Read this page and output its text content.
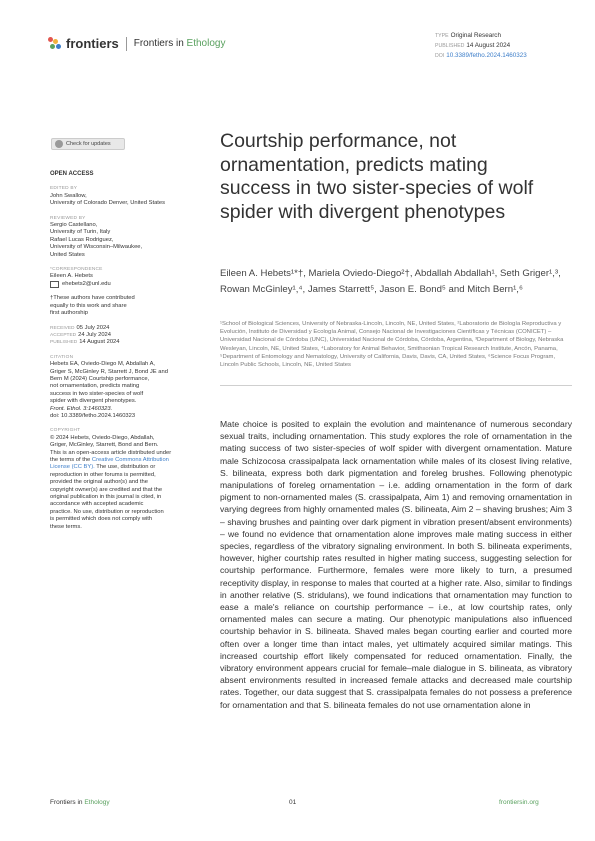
frontiers Frontiers in Ethology
TYPE Original Research
PUBLISHED 14 August 2024
DOI 10.3389/fetho.2024.1460323
Check for updates
OPEN ACCESS
EDITED BY
John Swallow,
University of Colorado Denver, United States
REVIEWED BY
Sergio Castellano,
University of Turin, Italy
Rafael Lucas Rodriguez,
University of Wisconsin–Milwaukee,
United States
*CORRESPONDENCE
Eileen A. Hebets
ehebets2@unl.edu
†These authors have contributed
equally to this work and share
first authorship
RECEIVED 05 July 2024
ACCEPTED 24 July 2024
PUBLISHED 14 August 2024
CITATION
Hebets EA, Oviedo-Diego M, Abdallah A,
Griger S, McGinley R, Starrett J, Bond JE and
Bern M (2024) Courtship performance,
not ornamentation, predicts mating
success in two sister-species of wolf
spider with divergent phenotypes.
Front. Ethol. 3:1460323.
doi: 10.3389/fetho.2024.1460323
COPYRIGHT
© 2024 Hebets, Oviedo-Diego, Abdallah,
Griger, McGinley, Starrett, Bond and Bern.
This is an open-access article distributed under
the terms of the Creative Commons Attribution
License (CC BY). The use, distribution or
reproduction in other forums is permitted,
provided the original author(s) and the
copyright owner(s) are credited and that the
original publication in this journal is cited, in
accordance with accepted academic
practice. No use, distribution or reproduction
is permitted which does not comply with
these terms.
Courtship performance, not ornamentation, predicts mating success in two sister-species of wolf spider with divergent phenotypes
Eileen A. Hebets¹*†, Mariela Oviedo-Diego²†, Abdallah Abdallah¹, Seth Griger¹,³, Rowan McGinley¹,⁴, James Starrett⁵, Jason E. Bond⁵ and Mitch Bern¹,⁶
¹School of Biological Sciences, University of Nebraska-Lincoln, Lincoln, NE, United States, ²Laboratorio de Biología Reproductiva y Evolución, Instituto de Diversidad y Ecología Animal, Consejo Nacional de Investigaciones Científicas y Técnicas (CONICET) – Universidad Nacional de Córdoba (UNC), Universidad Nacional de Córdoba, Córdoba, Argentina, ³Department of Biology, Nebraska Wesleyan, Lincoln, NE, United States, ⁴Laboratory for Animal Behavior, Smithsonian Tropical Research Institute, Ancón, Panama, ⁵Department of Entomology and Nematology, University of California, Davis, Davis, CA, United States, ⁶Science Focus Program, Lincoln Public Schools, Lincoln, NE, United States
Mate choice is posited to explain the evolution and maintenance of numerous secondary sexual traits, including ornamentation. This study explores the role of ornamentation in the mating success of two sister-species of wolf spider with divergent ornamentation. Mature male Schizocosa crassipalpata lack ornamentation while males of its closest living relative, S. bilineata, express both dark pigmentation and foreleg brushes. Following phenotypic manipulations of foreleg ornamentation – i.e. adding ornamentation in the form of dark pigment to non-ornamented males (S. crassipalpata, Aim 1) and removing ornamentation in varying degrees from highly ornamented males (S. bilineata, Aim 2 – shaving brushes; Aim 3 – shaving brushes and painting over dark pigment in vibration present/absent environments) – we found no evidence that ornamentation alone improves male mating success in either species, regardless of the vibratory signaling environment. In both S. bilineata experiments, however, higher courtship rates resulted in higher mating success, suggesting selection for courtship performance. Furthermore, females were more likely to turn, a presumed receptivity display, in response to males that courted at a higher rate. Also, similar to findings in another relative (S. stridulans), we found indications that ornamentation may function to ease a male's reliance on courtship performance – i.e., at low courtship rates, only ornamented males can secure a mating. Our phenotypic manipulations also influenced courtship behavior in S. bilineata. Shaved males began courting earlier and courted more often over a longer time than intact males, yet ultimately acquired similar matings. This increased courtship effort likely compensated for reduced ornamentation. Finally, the vibratory environment appears crucial for female–male dialogue in S. bilineata, as vibratory absent environments resulted in increased female attacks and decreased male courtship rates. Together, our data suggest that S. crassipalpata females do not possess a preference for ornamentation and that S. bilineata females do not use ornamentation alone in
Frontiers in Ethology	01	frontiersin.org
